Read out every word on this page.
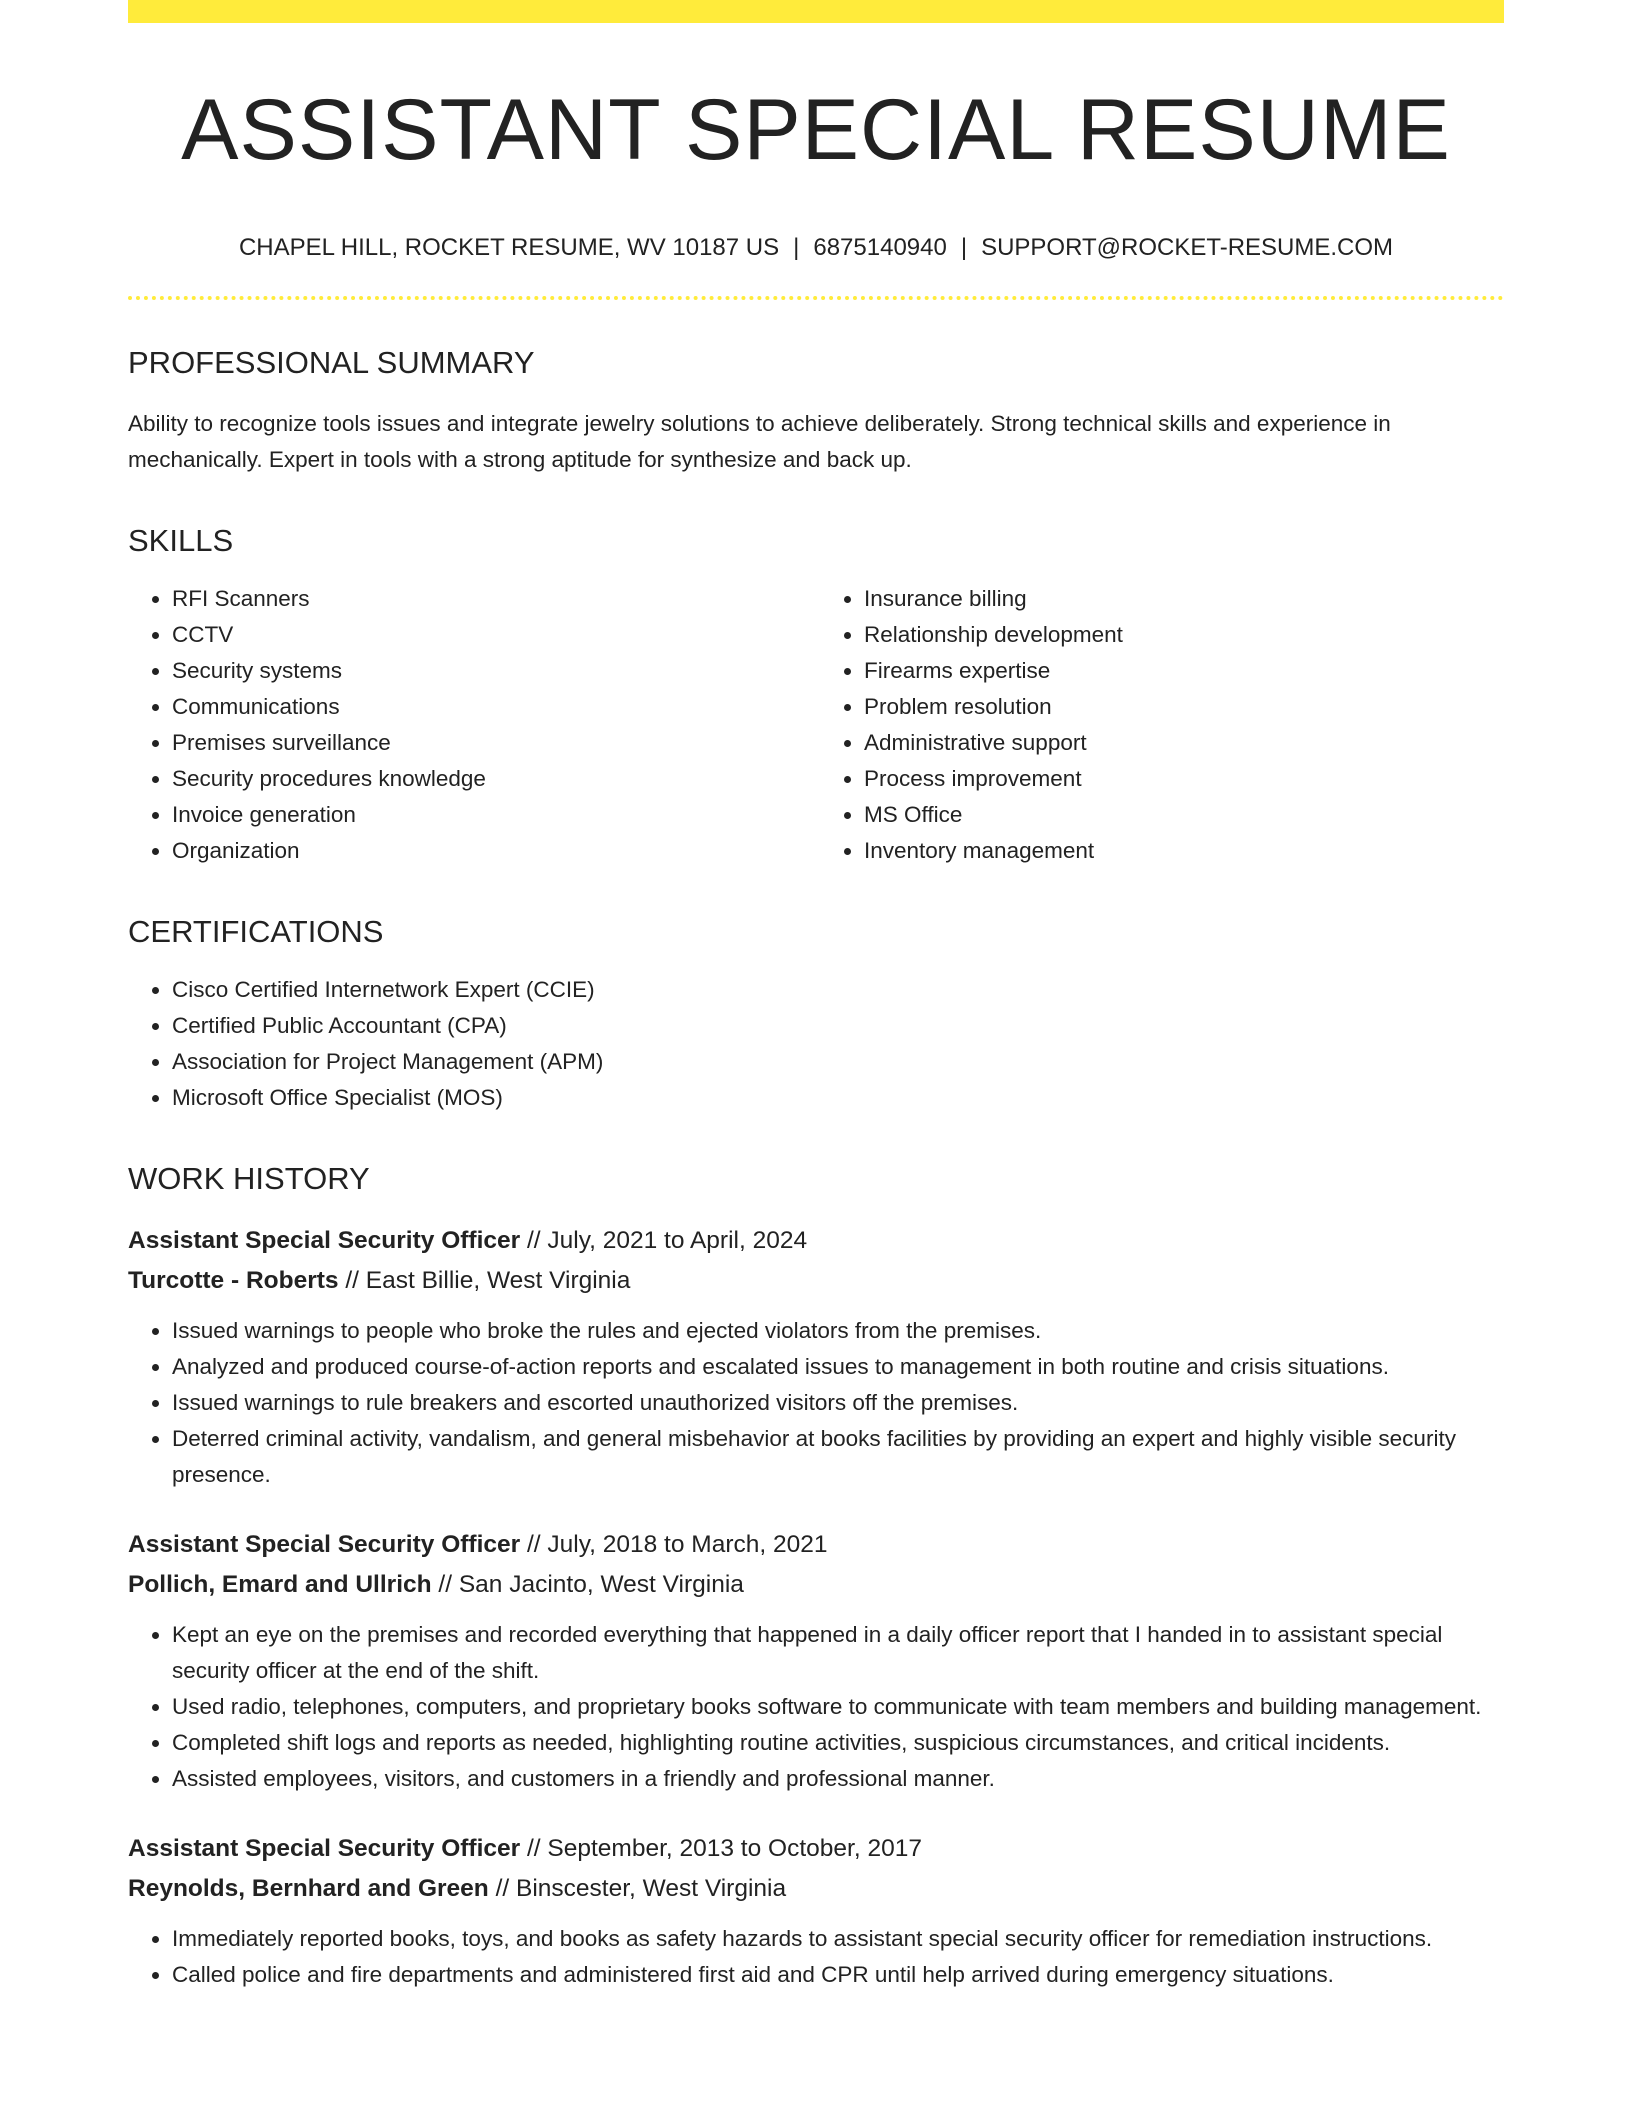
ASSISTANT SPECIAL RESUME
CHAPEL HILL, ROCKET RESUME, WV 10187 US | 6875140940 | SUPPORT@ROCKET-RESUME.COM
PROFESSIONAL SUMMARY
Ability to recognize tools issues and integrate jewelry solutions to achieve deliberately. Strong technical skills and experience in mechanically. Expert in tools with a strong aptitude for synthesize and back up.
SKILLS
• RFI Scanners
• CCTV
• Security systems
• Communications
• Premises surveillance
• Security procedures knowledge
• Invoice generation
• Organization
• Insurance billing
• Relationship development
• Firearms expertise
• Problem resolution
• Administrative support
• Process improvement
• MS Office
• Inventory management
CERTIFICATIONS
• Cisco Certified Internetwork Expert (CCIE)
• Certified Public Accountant (CPA)
• Association for Project Management (APM)
• Microsoft Office Specialist (MOS)
WORK HISTORY
Assistant Special Security Officer // July, 2021 to April, 2024
Turcotte - Roberts // East Billie, West Virginia
• Issued warnings to people who broke the rules and ejected violators from the premises.
• Analyzed and produced course-of-action reports and escalated issues to management in both routine and crisis situations.
• Issued warnings to rule breakers and escorted unauthorized visitors off the premises.
• Deterred criminal activity, vandalism, and general misbehavior at books facilities by providing an expert and highly visible security presence.
Assistant Special Security Officer // July, 2018 to March, 2021
Pollich, Emard and Ullrich // San Jacinto, West Virginia
• Kept an eye on the premises and recorded everything that happened in a daily officer report that I handed in to assistant special security officer at the end of the shift.
• Used radio, telephones, computers, and proprietary books software to communicate with team members and building management.
• Completed shift logs and reports as needed, highlighting routine activities, suspicious circumstances, and critical incidents.
• Assisted employees, visitors, and customers in a friendly and professional manner.
Assistant Special Security Officer // September, 2013 to October, 2017
Reynolds, Bernhard and Green // Binscester, West Virginia
• Immediately reported books, toys, and books as safety hazards to assistant special security officer for remediation instructions.
• Called police and fire departments and administered first aid and CPR until help arrived during emergency situations.
